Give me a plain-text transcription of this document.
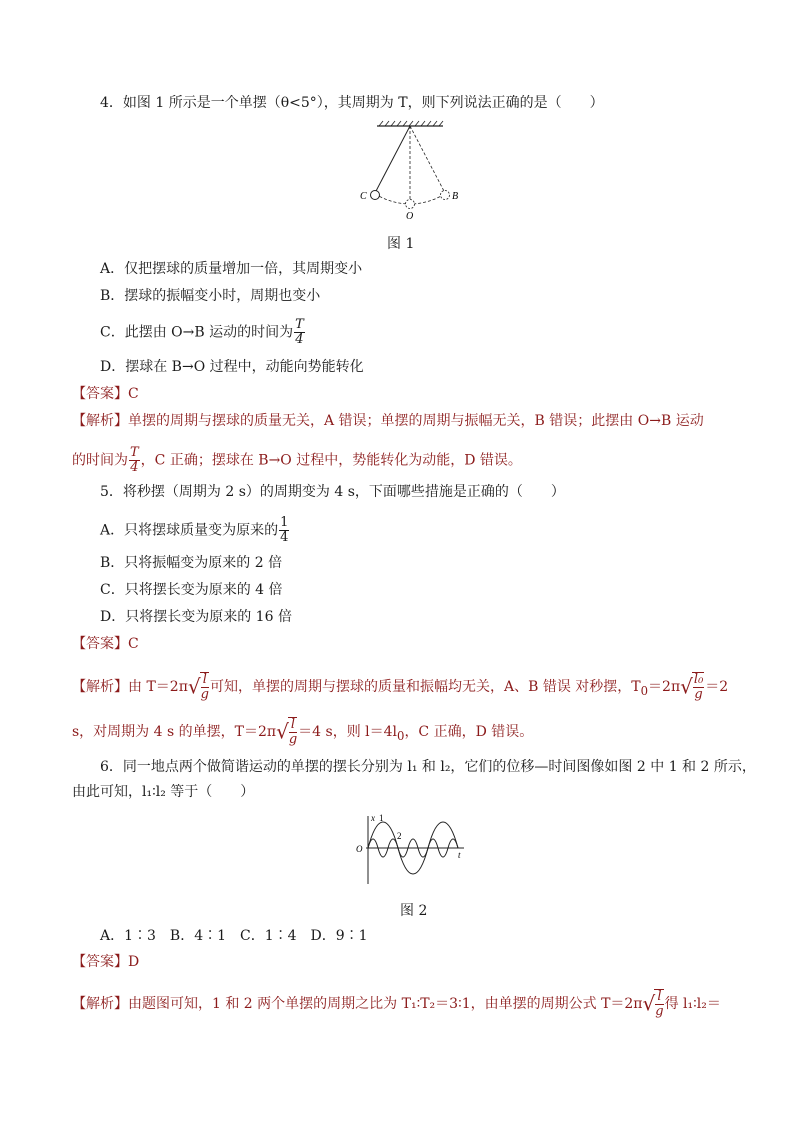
4．如图 1 所示是一个单摆（θ<5°），其周期为 T，则下列说法正确的是（　　）
C	B
O
图 1
A．仅把摆球的质量增加一倍，其周期变小
B．摆球的振幅变小时，周期也变小
C．此摆由 O→B 运动的时间为 $\frac{T}{4}$
D．摆球在 B→O 过程中，动能向势能转化
【答案】C
【解析】单摆的周期与摆球的质量无关，A 错误；单摆的周期与振幅无关，B 错误；此摆由 O→B 运动
的时间为 $\frac{T}{4}$ ，C 正确；摆球在 B→O 过程中，势能转化为动能，D 错误。
5．将秒摆（周期为 2 s）的周期变为 4 s，下面哪些措施是正确的（　　）
A．只将摆球质量变为原来的 $\frac{1}{4}$
B．只将振幅变为原来的 2 倍
C．只将摆长变为原来的 4 倍
D．只将摆长变为原来的 16 倍
【答案】C
【解析】由 $T=2\pi√ \frac{l}{g}$ 可知，单摆的周期与摆球的质量和振幅均无关，A、B 错误 对秒摆，$T_0=2\pi√ \frac{\text{l₀}}{g} =2$
s，对周期为 4 s 的单摆，$T=2\pi√ \frac{l}{g} =4$ s，则 $l=4l_0$，C 正确，D 错误。
6．同一地点两个做简谐运动的单摆的摆长分别为 l₁ 和 l₂，它们的位移—时间图像如图 2 中 1 和 2 所示，
由此可知，l₁∶l₂ 等于（　　）
x
t
O
1
2
图 2
A．1∶3　B．4∶1　C．1∶4　D．9∶1
【答案】D
【解析】由题图可知，1 和 2 两个单摆的周期之比为 T₁∶T₂＝3∶1，由单摆的周期公式 $T=2\pi√ \frac{l}{g}$ 得 l₁∶l₂＝
